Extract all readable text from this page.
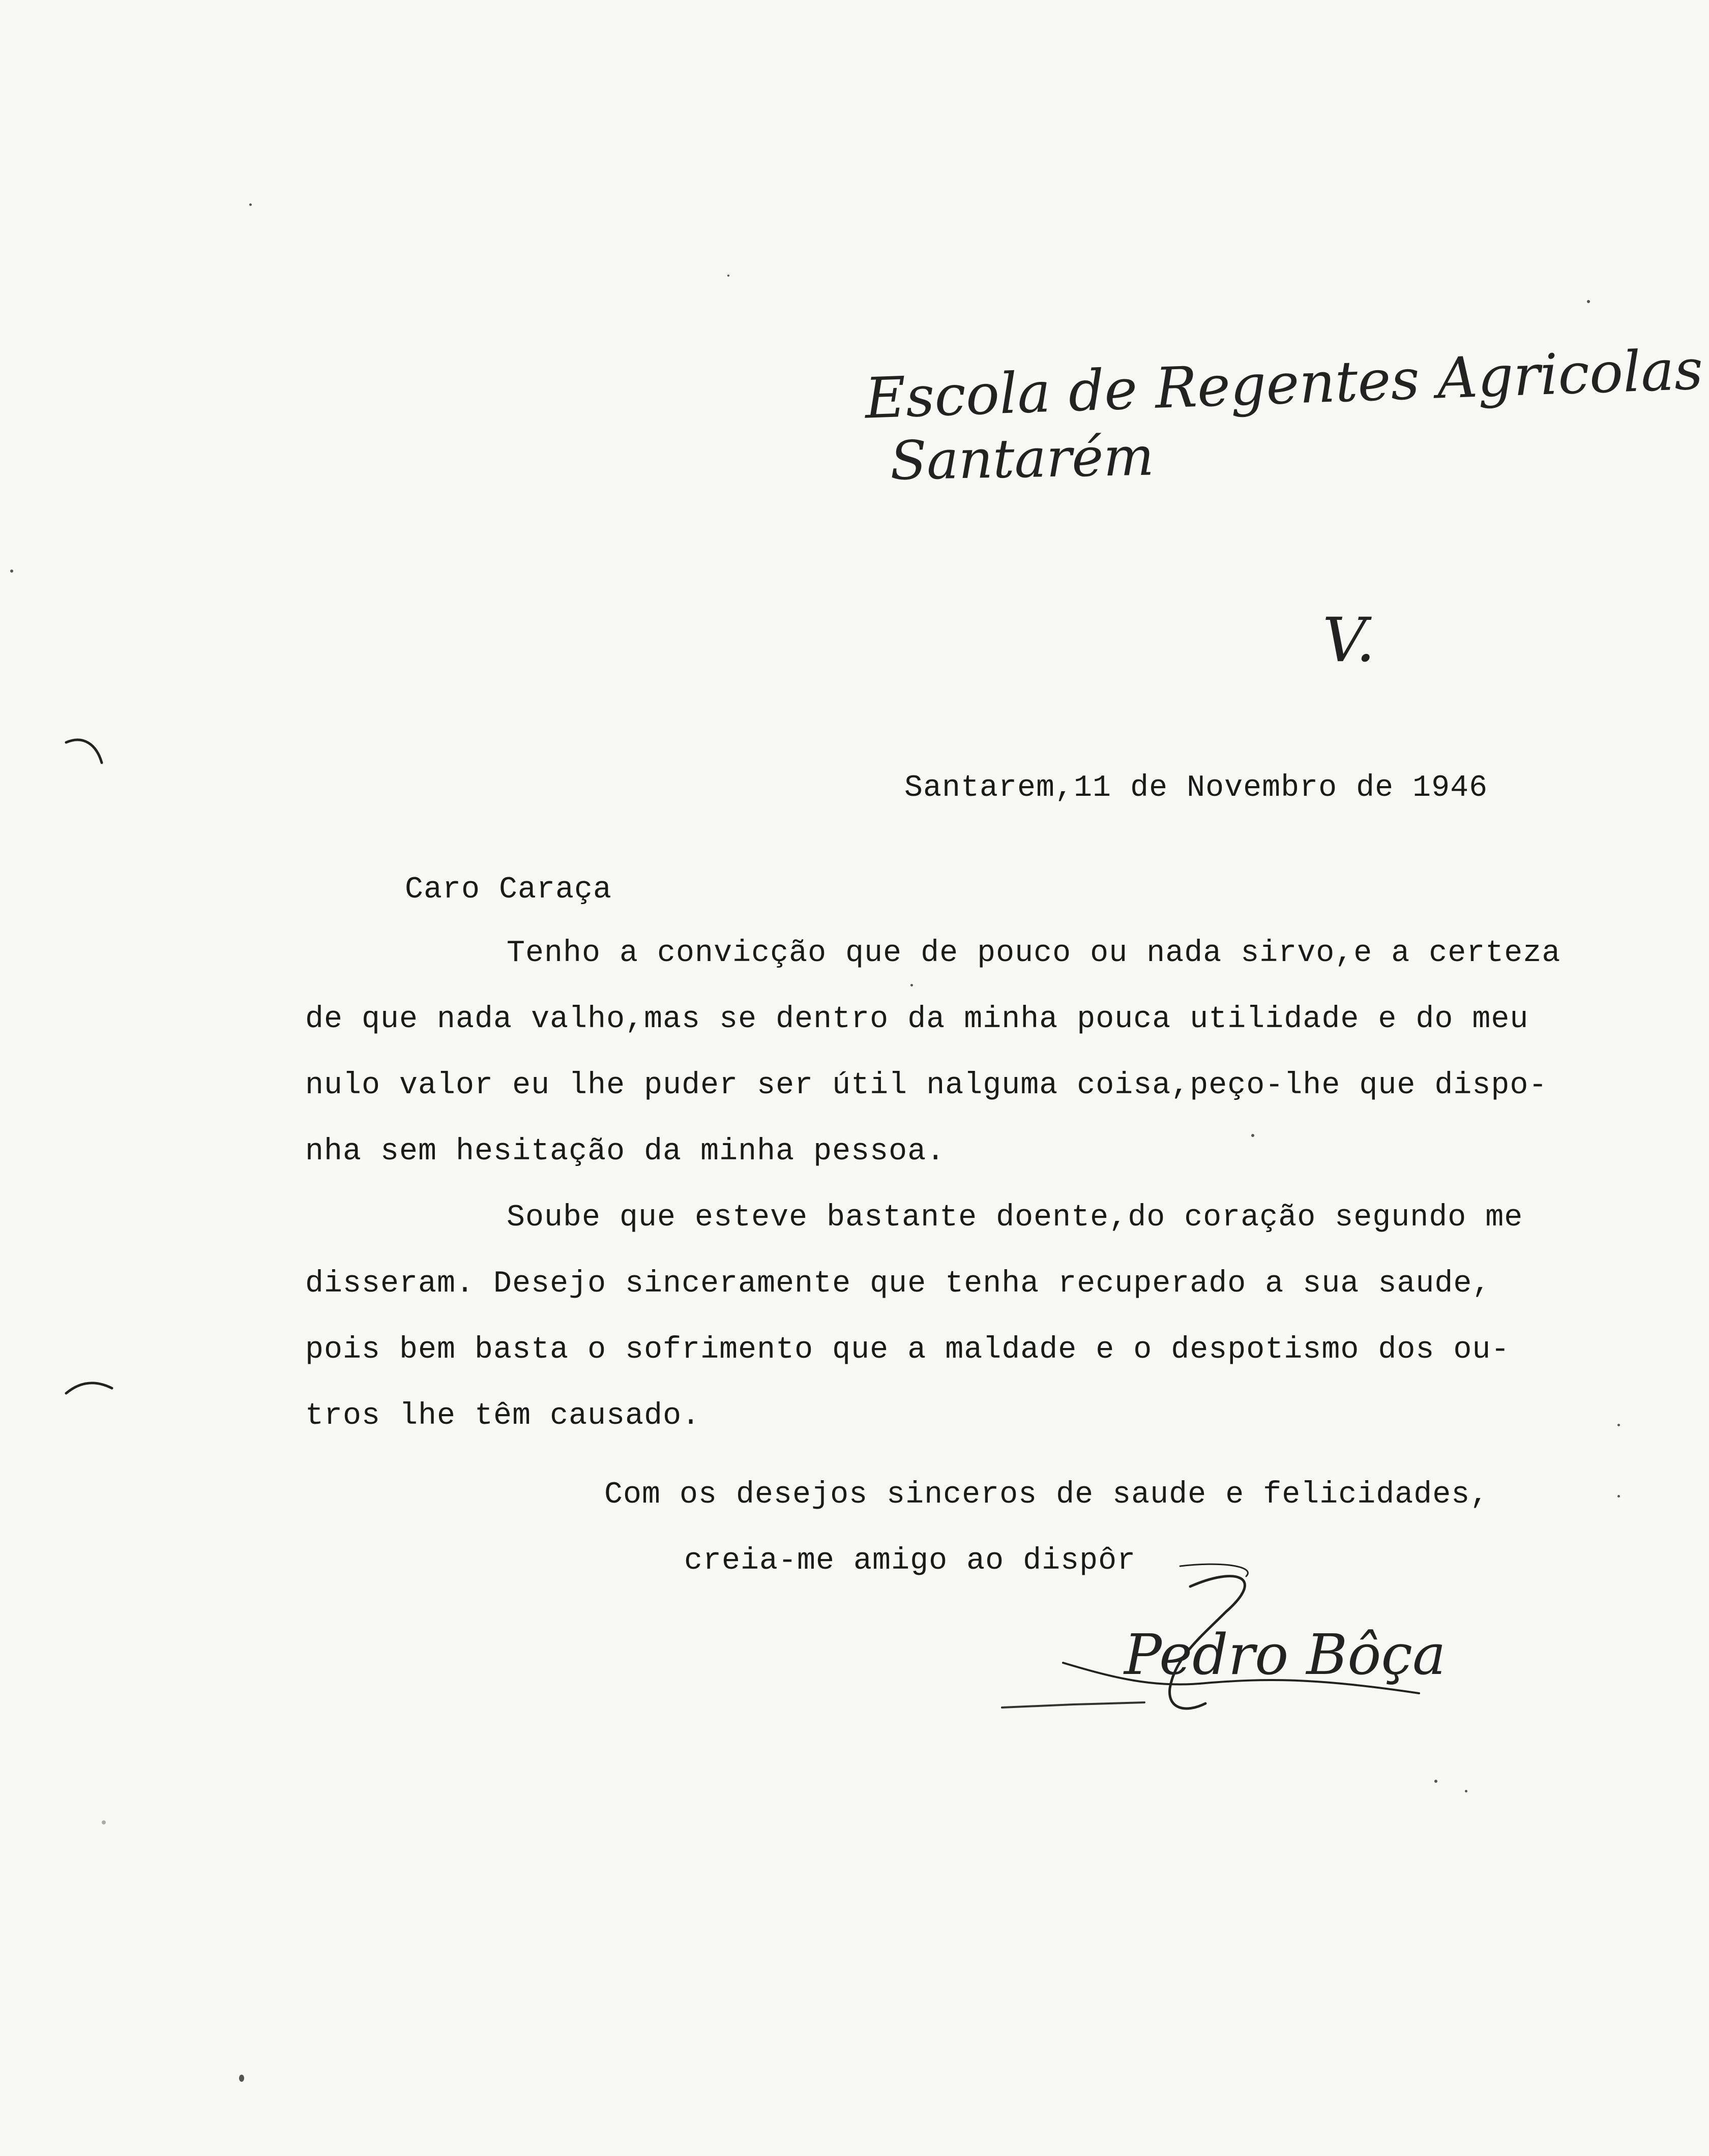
Escola de Regentes Agricolas
Santarém
V.
Santarem,11 de Novembro de 1946
Caro Caraça
Tenho a convicção que de pouco ou nada sirvo,e a certeza
de que nada valho,mas se dentro da minha pouca utilidade e do meu
nulo valor eu lhe puder ser útil nalguma coisa,peço-lhe que dispo-
nha sem hesitação da minha pessoa.
Soube que esteve bastante doente,do coração segundo me
disseram. Desejo sinceramente que tenha recuperado a sua saude,
pois bem basta o sofrimento que a maldade e o despotismo dos ou-
tros lhe têm causado.
Com os desejos sinceros de saude e felicidades,
creia-me amigo ao dispôr
Pedro Bôça
